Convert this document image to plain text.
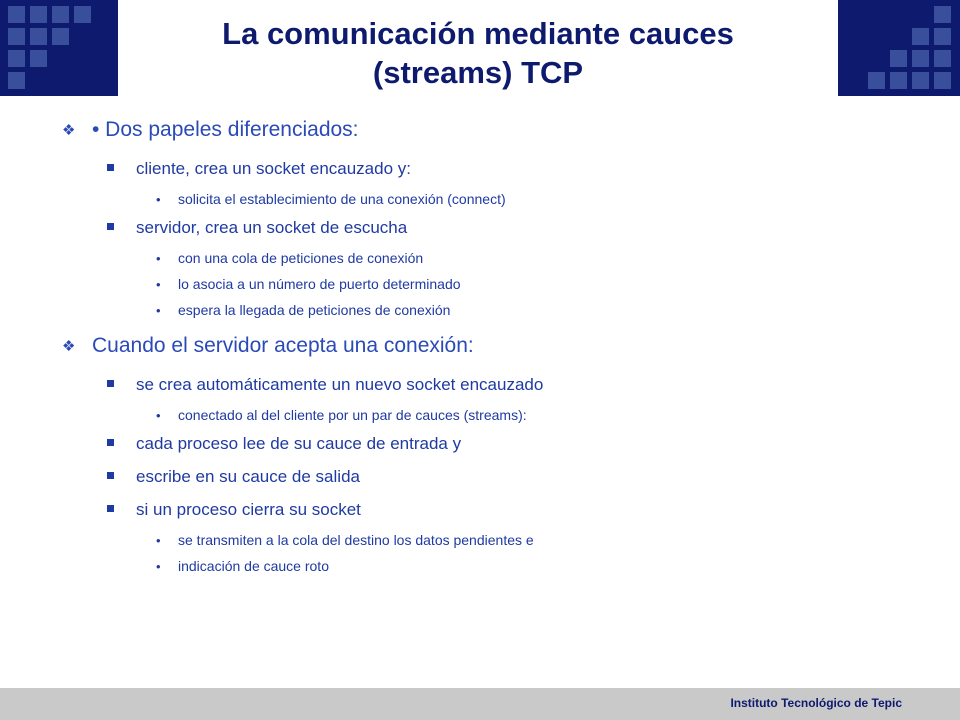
La comunicación mediante cauces
(streams) TCP
❖ • Dos papeles diferenciados:
cliente, crea un socket encauzado y:
• solicita el establecimiento de una conexión (connect)
servidor, crea un socket de escucha
• con una cola de peticiones de conexión
• lo asocia a un número de puerto determinado
• espera la llegada de peticiones de conexión
❖ Cuando el servidor acepta una conexión:
se crea automáticamente un nuevo socket encauzado
• conectado al del cliente por un par de cauces (streams):
cada proceso lee de su cauce de entrada y
escribe en su cauce de salida
si un proceso cierra su socket
• se transmiten a la cola del destino los datos pendientes e
• indicación de cauce roto
Instituto Tecnológico de Tepic
